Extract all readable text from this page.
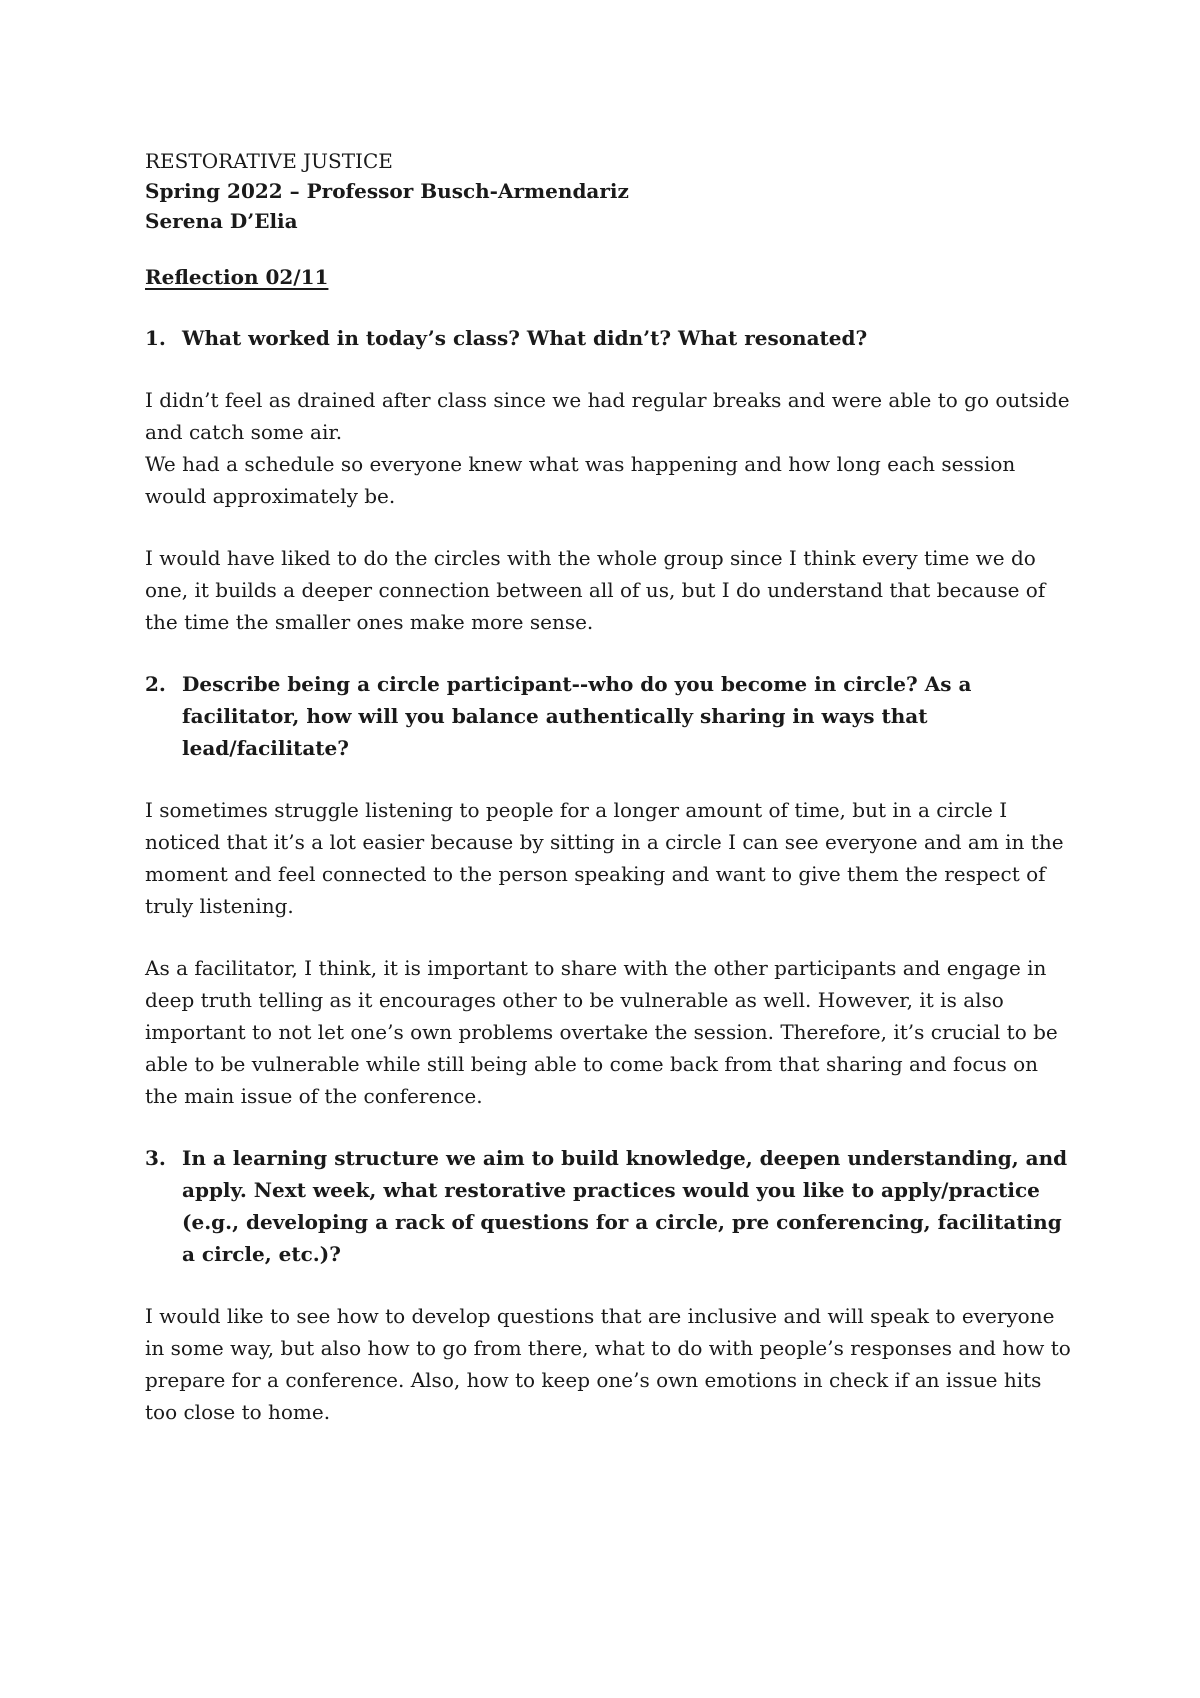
RESTORATIVE JUSTICE

Spring 2022 – Professor Busch-Armendariz

Serena D’Elia

Reflection 02/11

1. What worked in today’s class? What didn’t? What resonated?

I didn’t feel as drained after class since we had regular breaks and were able to go outside and catch some air.

We had a schedule so everyone knew what was happening and how long each session would approximately be.

I would have liked to do the circles with the whole group since I think every time we do one, it builds a deeper connection between all of us, but I do understand that because of the time the smaller ones make more sense.

2. Describe being a circle participant--who do you become in circle? As a facilitator, how will you balance authentically sharing in ways that lead/facilitate?

I sometimes struggle listening to people for a longer amount of time, but in a circle I noticed that it’s a lot easier because by sitting in a circle I can see everyone and am in the moment and feel connected to the person speaking and want to give them the respect of truly listening.

As a facilitator, I think, it is important to share with the other participants and engage in deep truth telling as it encourages other to be vulnerable as well. However, it is also important to not let one’s own problems overtake the session. Therefore, it’s crucial to be able to be vulnerable while still being able to come back from that sharing and focus on the main issue of the conference.

3. In a learning structure we aim to build knowledge, deepen understanding, and apply. Next week, what restorative practices would you like to apply/practice (e.g., developing a rack of questions for a circle, pre conferencing, facilitating a circle, etc.)?

I would like to see how to develop questions that are inclusive and will speak to everyone in some way, but also how to go from there, what to do with people’s responses and how to prepare for a conference. Also, how to keep one’s own emotions in check if an issue hits too close to home.
